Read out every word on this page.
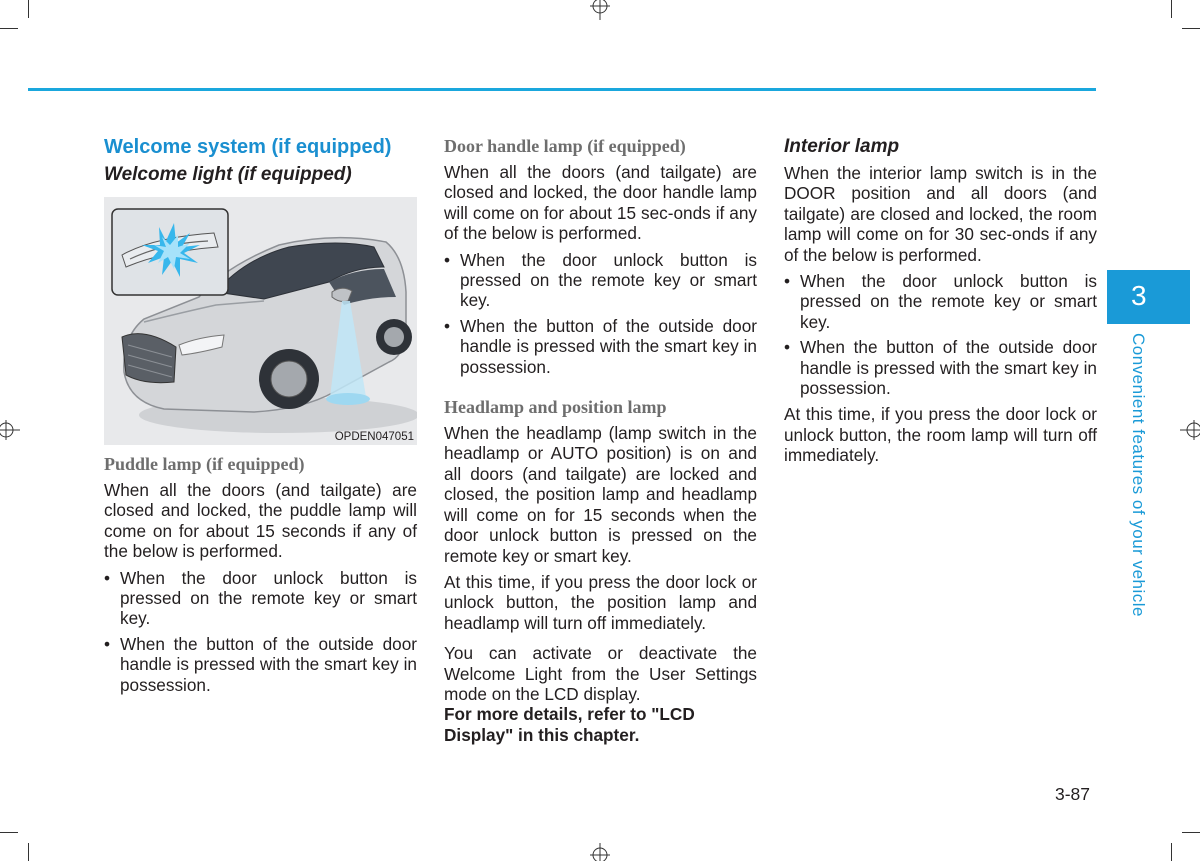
Welcome system (if equipped)
Welcome light (if equipped)
OPDEN047051
Puddle lamp (if equipped)

When all the doors (and tailgate) are closed and locked, the puddle lamp will come on for about 15 seconds if any of the below is performed.

• When the door unlock button is pressed on the remote key or smart key.
• When the button of the outside door handle is pressed with the smart key in possession.
Door handle lamp (if equipped)

When all the doors (and tailgate) are closed and locked, the door handle lamp will come on for about 15 sec-onds if any of the below is performed.

• When the door unlock button is pressed on the remote key or smart key.
• When the button of the outside door handle is pressed with the smart key in possession.
Headlamp and position lamp

When the headlamp (lamp switch in the headlamp or AUTO position) is on and all doors (and tailgate) are locked and closed, the position lamp and headlamp will come on for 15 seconds when the door unlock button is pressed on the remote key or smart key.

At this time, if you press the door lock or unlock button, the position lamp and headlamp will turn off immediately.

You can activate or deactivate the Welcome Light from the User Settings mode on the LCD display.

For more details, refer to "LCD Display" in this chapter.

Interior lamp

When the interior lamp switch is in the DOOR position and all doors (and tailgate) are closed and locked, the room lamp will come on for 30 sec-onds if any of the below is performed.

• When the door unlock button is pressed on the remote key or smart key.
• When the button of the outside door handle is pressed with the smart key in possession.

At this time, if you press the door lock or unlock button, the room lamp will turn off immediately.

3
Convenient features of your vehicle
3-87
